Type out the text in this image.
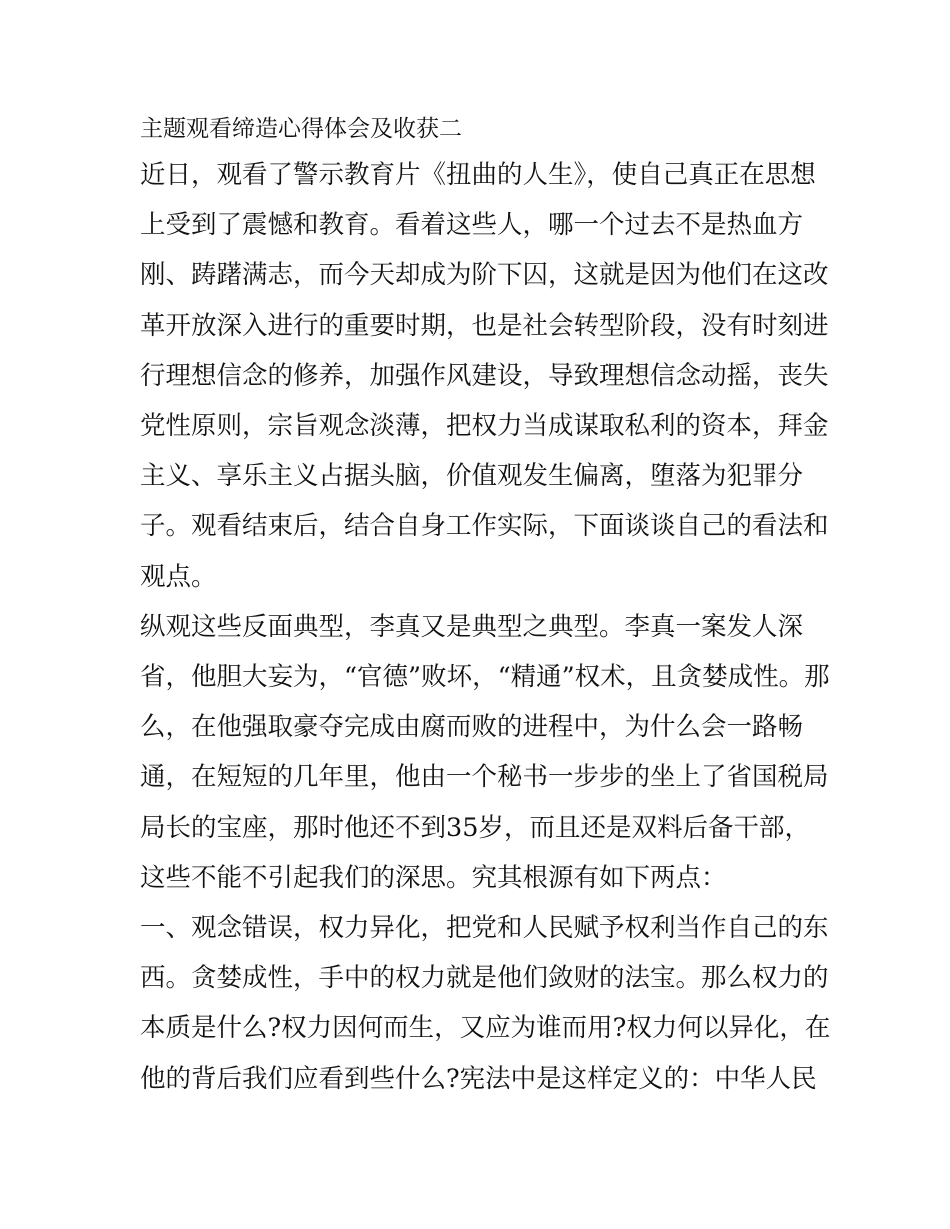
主题观看缔造心得体会及收获二
近日，观看了警示教育片《扭曲的人生》，使自己真正在思想
上受到了震憾和教育。看着这些人，哪一个过去不是热血方
刚、踌躇满志，而今天却成为阶下囚，这就是因为他们在这改
革开放深入进行的重要时期，也是社会转型阶段，没有时刻进
行理想信念的修养，加强作风建设，导致理想信念动摇，丧失
党性原则，宗旨观念淡薄，把权力当成谋取私利的资本，拜金
主义、享乐主义占据头脑，价值观发生偏离，堕落为犯罪分
子。观看结束后，结合自身工作实际，下面谈谈自己的看法和
观点。
纵观这些反面典型，李真又是典型之典型。李真一案发人深
省，他胆大妄为，“官德”败坏，“精通”权术，且贪婪成性。那
么，在他强取豪夺完成由腐而败的进程中，为什么会一路畅
通，在短短的几年里，他由一个秘书一步步的坐上了省国税局
局长的宝座，那时他还不到35岁，而且还是双料后备干部，
这些不能不引起我们的深思。究其根源有如下两点：
一、观念错误，权力异化，把党和人民赋予权利当作自己的东
西。贪婪成性，手中的权力就是他们敛财的法宝。那么权力的
本质是什么?权力因何而生，又应为谁而用?权力何以异化，在
他的背后我们应看到些什么?宪法中是这样定义的：中华人民
